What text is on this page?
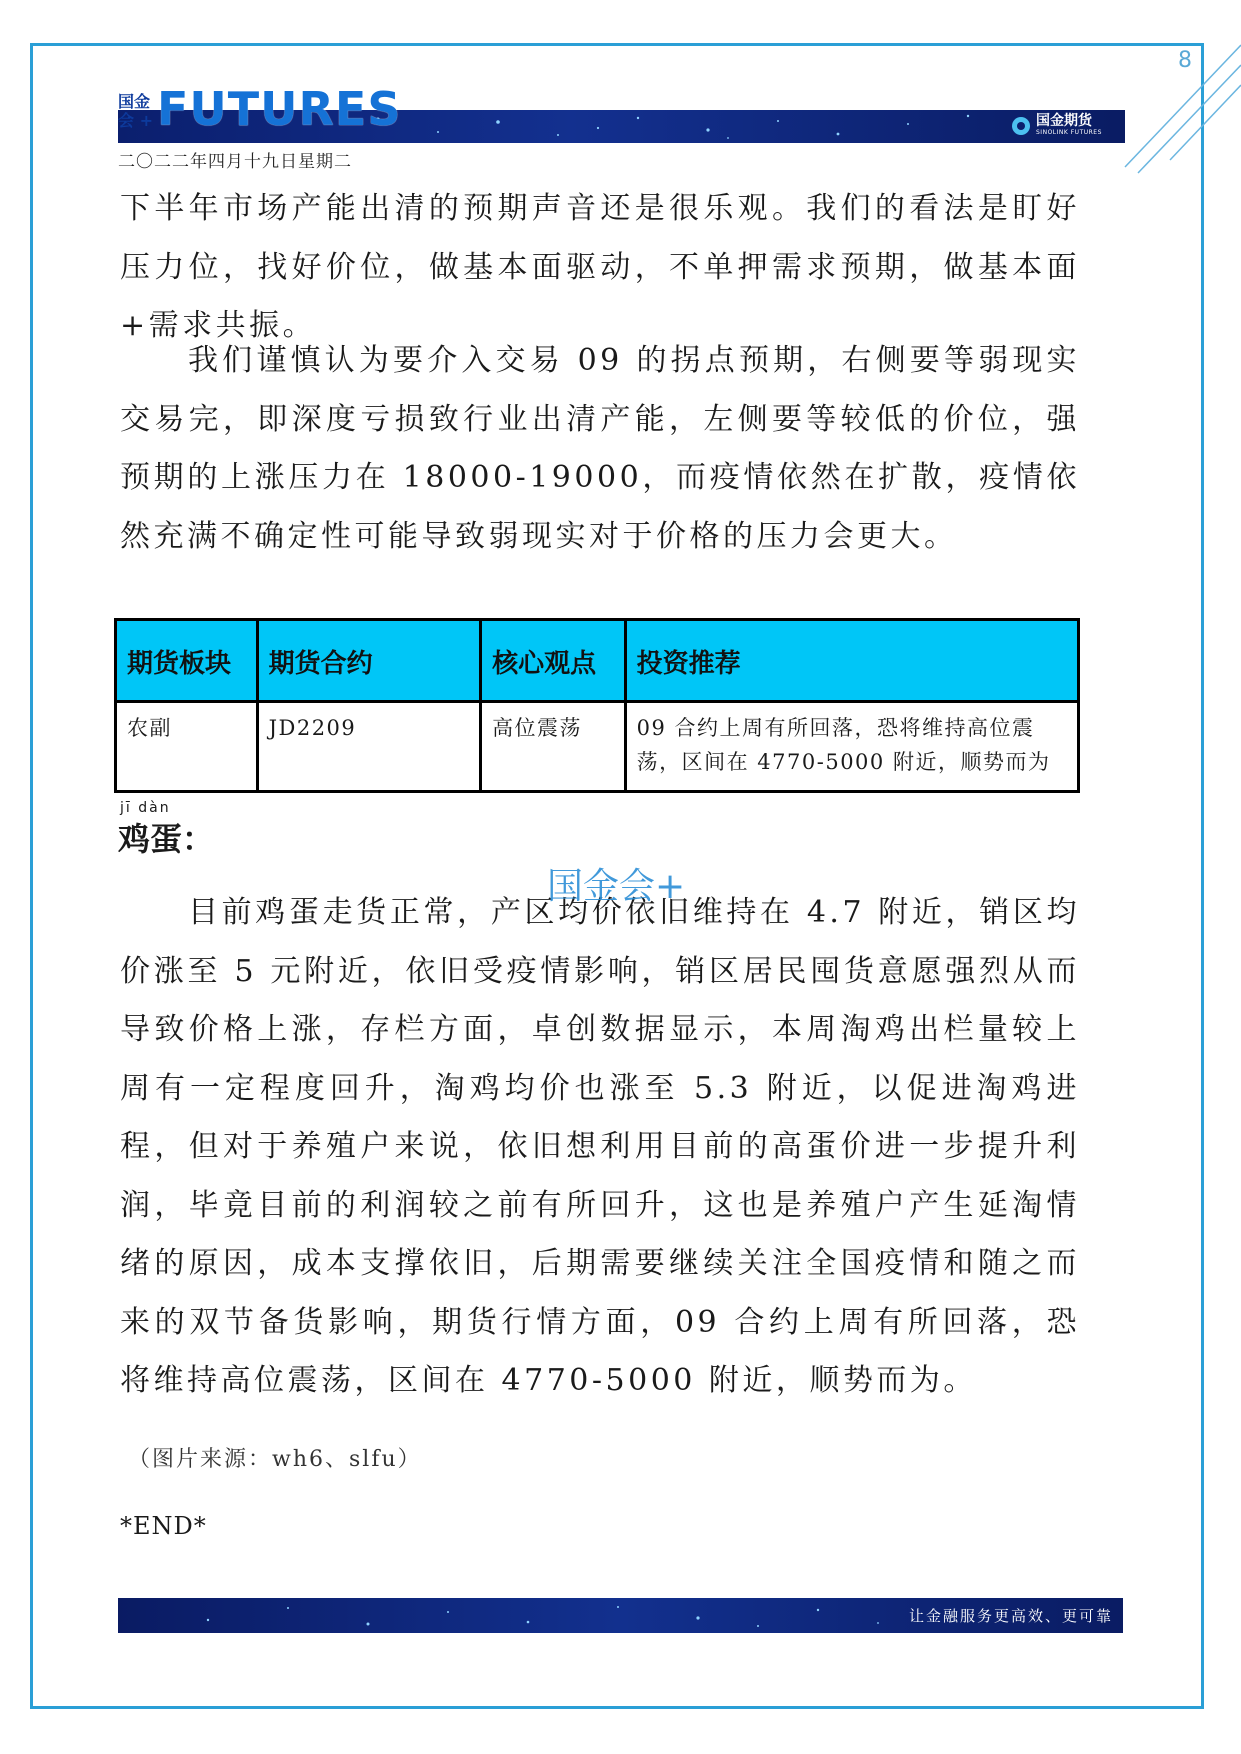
8
国金
会 + FUTURES	国金期货
SINOLINK FUTURES
二〇二二年四月十九日星期二

下半年市场产能出清的预期声音还是很乐观。我们的看法是盯好压力位，找好价位，做基本面驱动，不单押需求预期，做基本面+需求共振。

我们谨慎认为要介入交易 09 的拐点预期，右侧要等弱现实交易完，即深度亏损致行业出清产能，左侧要等较低的价位，强预期的上涨压力在 18000-19000，而疫情依然在扩散，疫情依然充满不确定性可能导致弱现实对于价格的压力会更大。

期货板块	期货合约	核心观点	投资推荐
农副	JD2209	高位震荡	09 合约上周有所回落，恐将维持高位震荡，区间在 4770-5000 附近，顺势而为
jī dàn
鸡蛋：

目前鸡蛋走货正常，产区均价依旧维持在 4.7 附近，销区均价涨至 5 元附近，依旧受疫情影响，销区居民囤货意愿强烈从而导致价格上涨，存栏方面，卓创数据显示，本周淘鸡出栏量较上周有一定程度回升，淘鸡均价也涨至 5.3 附近，以促进淘鸡进程，但对于养殖户来说，依旧想利用目前的高蛋价进一步提升利润，毕竟目前的利润较之前有所回升，这也是养殖户产生延淘情绪的原因，成本支撑依旧，后期需要继续关注全国疫情和随之而来的双节备货影响，期货行情方面，09 合约上周有所回落，恐将维持高位震荡，区间在 4770-5000 附近，顺势而为。

国金会+
（图片来源：wh6、slfu）
*END*
让金融服务更高效、更可靠
